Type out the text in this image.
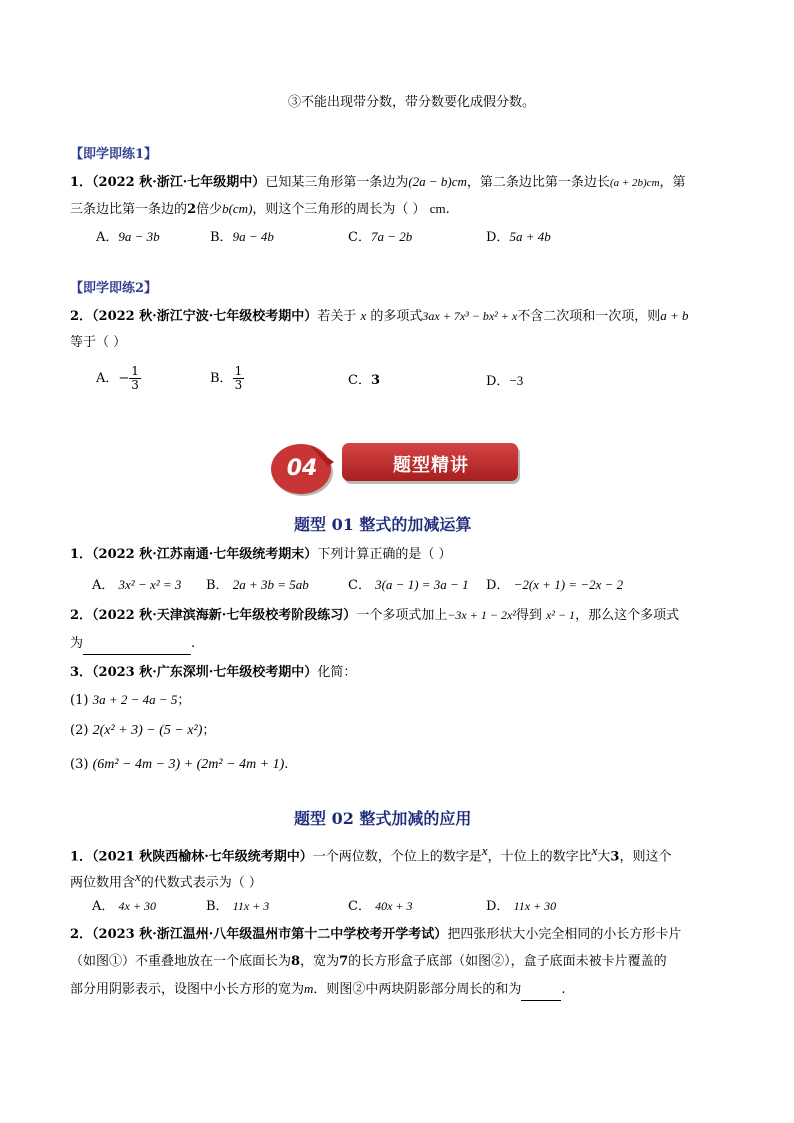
③不能出现带分数，带分数要化成假分数。
【即学即练1】
1．（2022 秋·浙江·七年级期中）已知某三角形第一条边为(2a − b)cm，第二条边比第一条边长(a + 2b)cm，第
三条边比第一条边的2倍少b(cm)，则这个三角形的周长为（ ） cm.
A．9a − 3b	B．9a − 4b	C．7a − 2b	D．5a + 4b
【即学即练2】
2．（2022 秋·浙江宁波·七年级校考期中）若关于 x 的多项式3ax + 7x³ − bx² + x不含二次项和一次项，则a + b
等于（ ）
A．− $\frac{1}{3}$	B． $\frac{1}{3}$	C．3	D．−3
04	题型精讲
题型 01 整式的加减运算
1．（2022 秋·江苏南通·七年级统考期末）下列计算正确的是（ ）
A． 3x² − x² = 3 B． 2a + 3b = 5ab	C． 3(a − 1) = 3a − 1 D． −2(x + 1) = −2x − 2
2．（2022 秋·天津滨海新·七年级校考阶段练习）一个多项式加上−3x + 1 − 2x²得到 x² − 1，那么这个多项式
为	.
3．（2023 秋·广东深圳·七年级校考期中）化简：
(1) 3a + 2 − 4a − 5；
(2) 2(x² + 3) − (5 − x²)；
(3) (6m² − 4m − 3) + (2m² − 4m + 1).
题型 02 整式加减的应用
1．（2021 秋陕西榆林·七年级统考期中）一个两位数，个位上的数字是$^x$，十位上的数字比$^x$大3，则这个
两位数用含$^x$的代数式表示为（ ）
A． 4x + 30	B． 11x + 3	C． 40x + 3	D． 11x + 30
2．（2023 秋·浙江温州·八年级温州市第十二中学校考开学考试）把四张形状大小完全相同的小长方形卡片
（如图①）不重叠地放在一个底面长为8，宽为7的长方形盒子底部（如图②），盒子底面未被卡片覆盖的
部分用阴影表示，设图中小长方形的宽为m．则图②中两块阴影部分周长的和为	.
